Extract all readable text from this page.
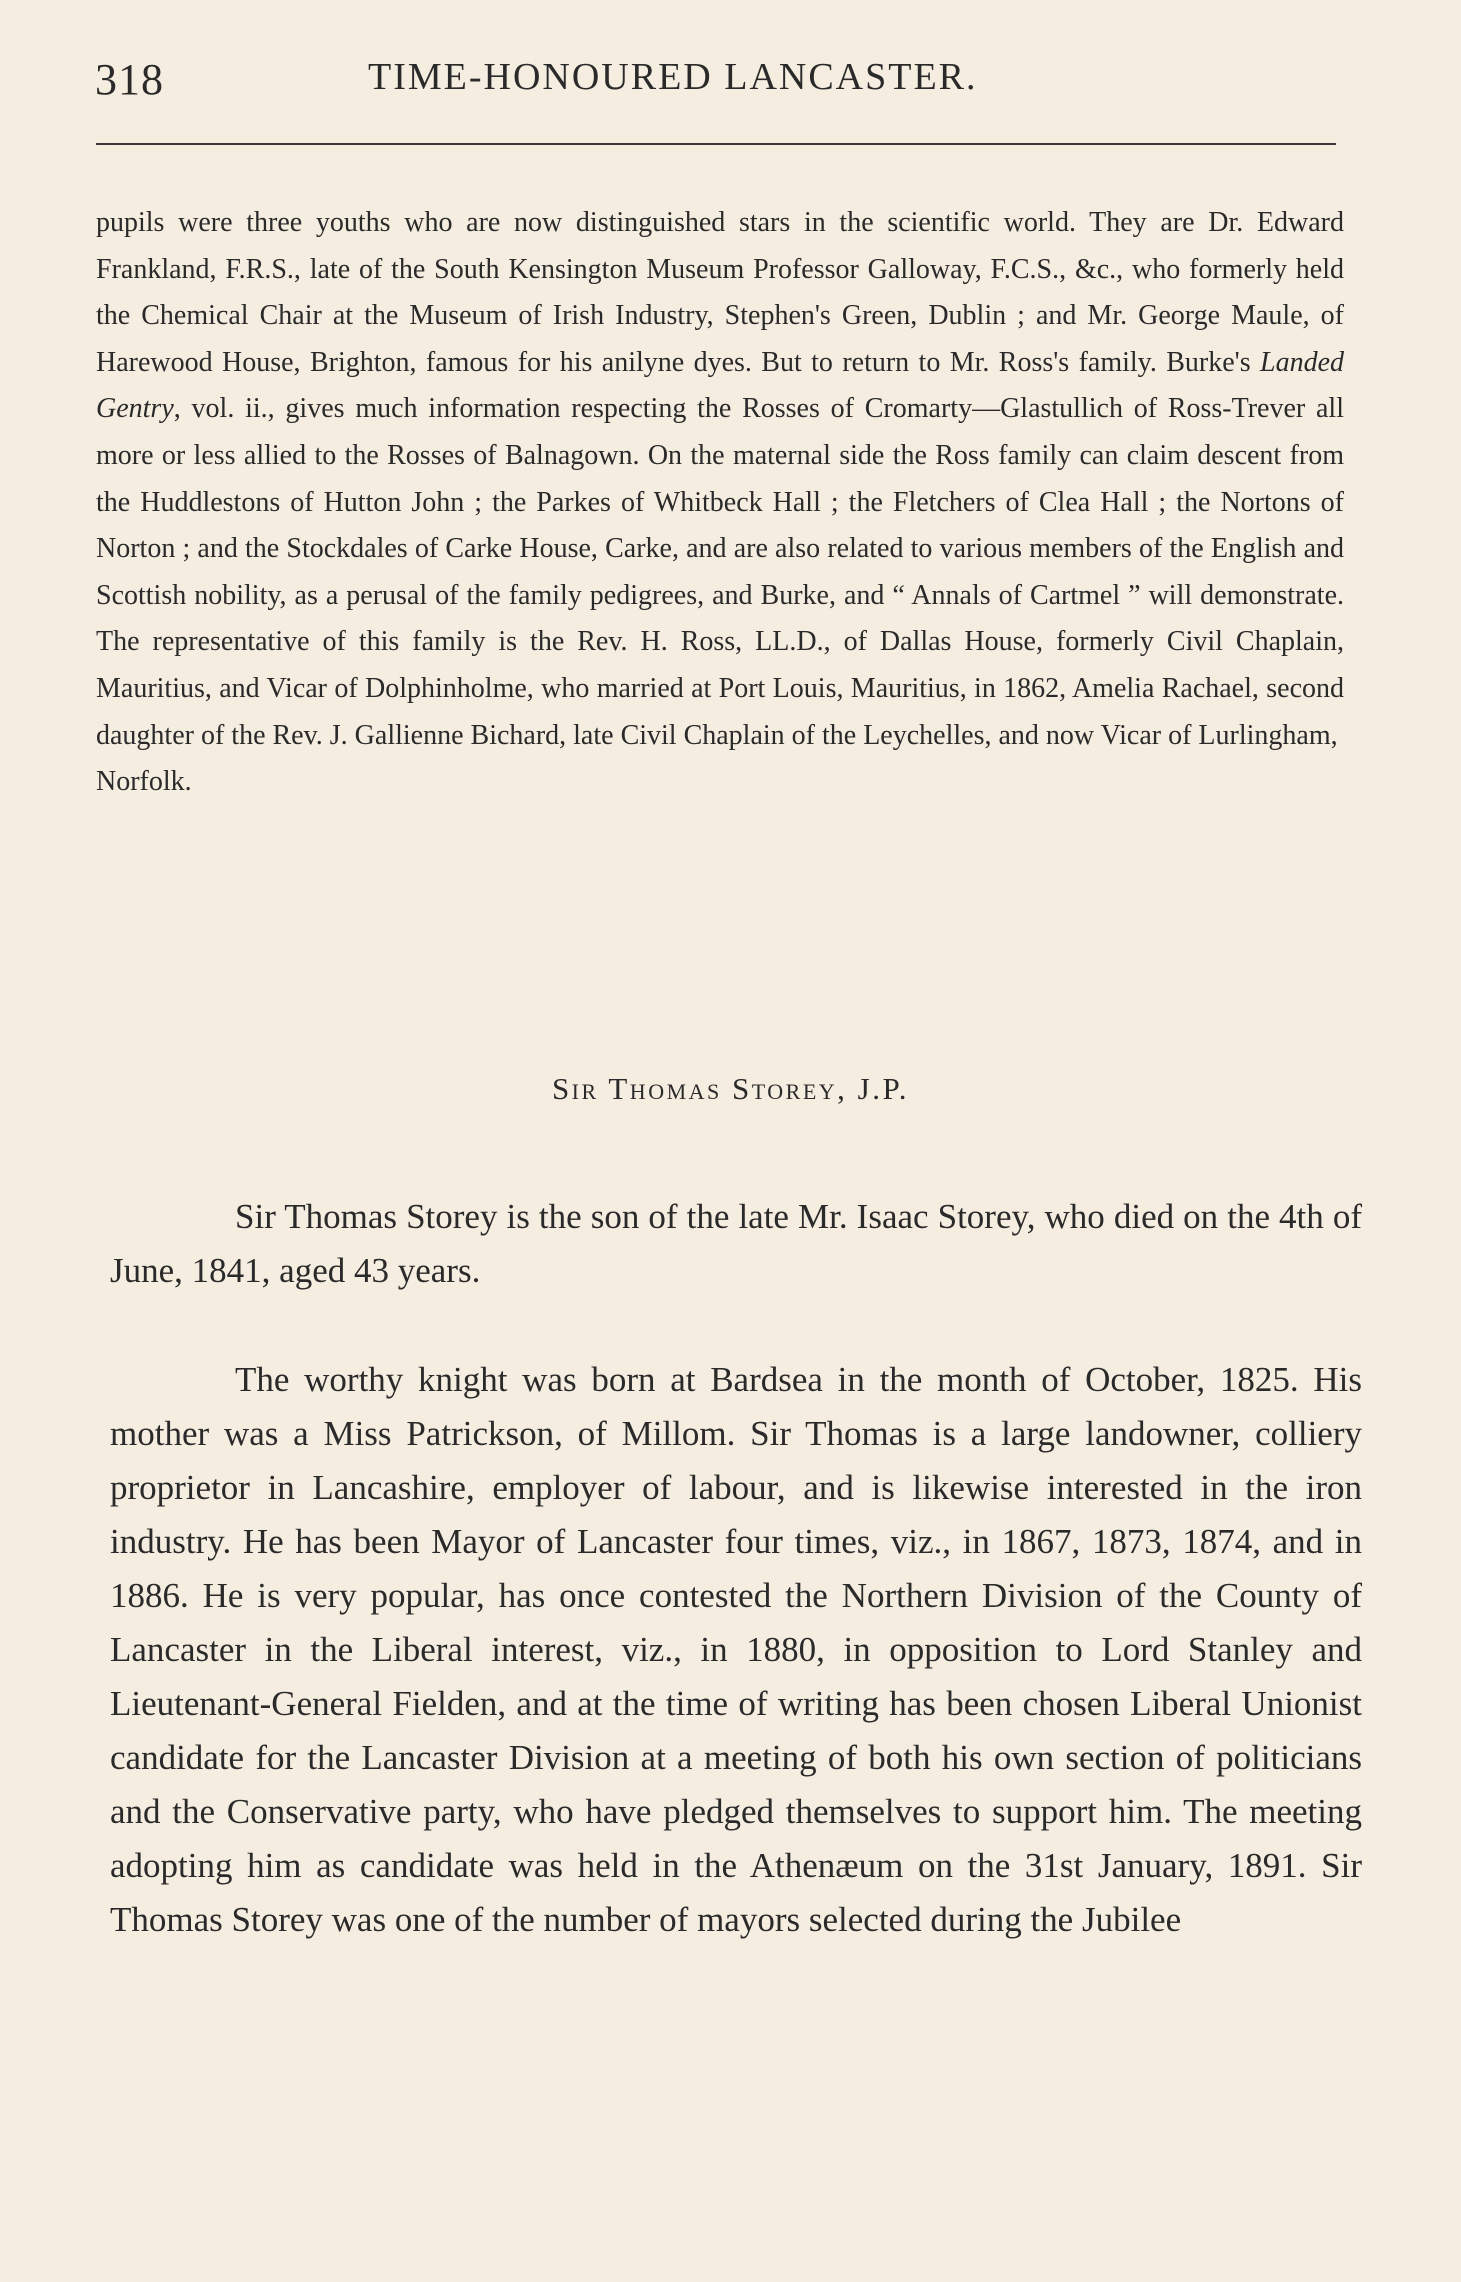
318	TIME-HONOURED LANCASTER.
pupils were three youths who are now distinguished stars in the scientific world. They are Dr. Edward Frankland, F.R.S., late of the South Kensington Museum Professor Galloway, F.C.S., &c., who formerly held the Chemical Chair at the Museum of Irish Industry, Stephen's Green, Dublin ; and Mr. George Maule, of Harewood House, Brighton, famous for his anilyne dyes. But to return to Mr. Ross's family. Burke's Landed Gentry, vol. ii., gives much information respecting the Rosses of Cromarty—Glastullich of Ross-Trever all more or less allied to the Rosses of Balnagown. On the maternal side the Ross family can claim descent from the Huddlestons of Hutton John ; the Parkes of Whitbeck Hall ; the Fletchers of Clea Hall ; the Nortons of Norton ; and the Stockdales of Carke House, Carke, and are also related to various members of the English and Scottish nobility, as a perusal of the family pedigrees, and Burke, and “ Annals of Cartmel ” will demonstrate. The representative of this family is the Rev. H. Ross, LL.D., of Dallas House, formerly Civil Chaplain, Mauritius, and Vicar of Dolphinholme, who married at Port Louis, Mauritius, in 1862, Amelia Rachael, second daughter of the Rev. J. Gallienne Bichard, late Civil Chaplain of the Leychelles, and now Vicar of Lurlingham,
Norfolk.
Sir Thomas Storey, J.P.
Sir Thomas Storey is the son of the late Mr. Isaac Storey, who died on the 4th of June, 1841, aged 43 years.
The worthy knight was born at Bardsea in the month of October, 1825. His mother was a Miss Patrickson, of Millom. Sir Thomas is a large landowner, colliery proprietor in Lancashire, employer of labour, and is likewise interested in the iron industry. He has been Mayor of Lancaster four times, viz., in 1867, 1873, 1874, and in 1886. He is very popular, has once contested the Northern Division of the County of Lancaster in the Liberal interest, viz., in 1880, in opposition to Lord Stanley and Lieutenant-General Fielden, and at the time of writing has been chosen Liberal Unionist candidate for the Lancaster Division at a meeting of both his own section of politicians and the Conservative party, who have pledged themselves to support him. The meeting adopting him as candidate was held in the Athenæum on the 31st January, 1891. Sir Thomas Storey was one of the number of mayors selected during the Jubilee
